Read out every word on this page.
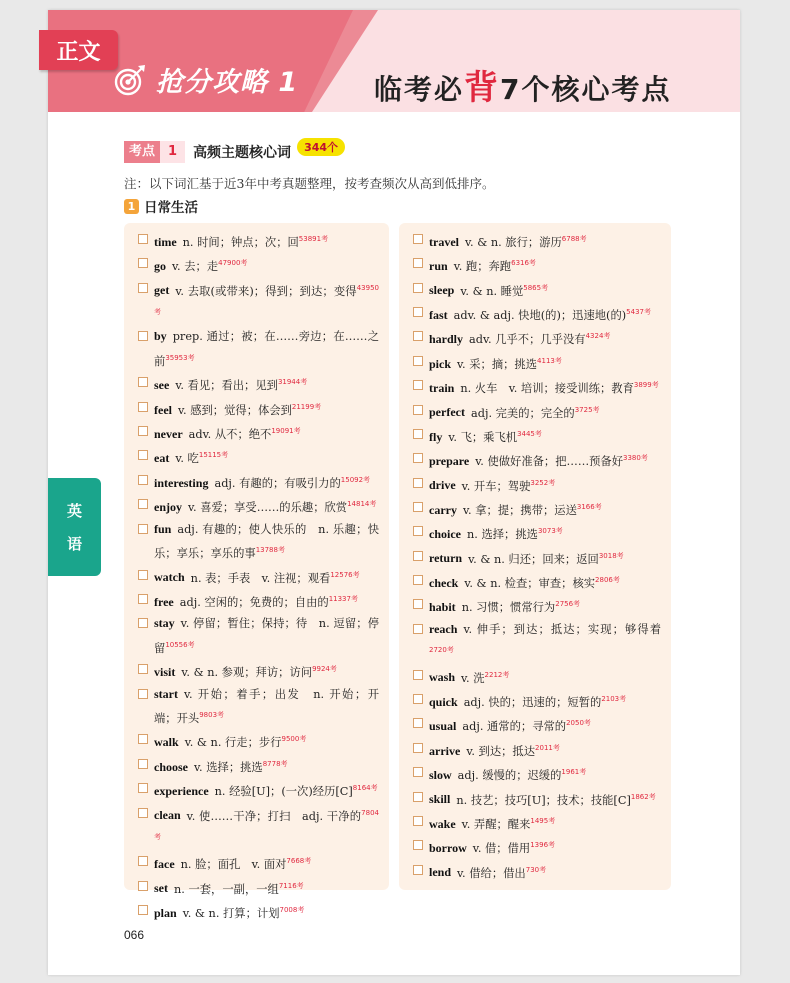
抢分攻略 1	临考必背7个核心考点
正文
英
语
考点	1	高频主题核心词	344个
注：以下词汇基于近3年中考真题整理，按考查频次从高到低排序。
1 日常生活
time n. 时间；钟点；次；回$^{53891考}$
go v. 去；走$^{47900考}$
get v. 去取(或带来)；得到；到达；变得$^{43950考}$
by prep. 通过；被；在……旁边；在……之前$^{35953考}$
see v. 看见；看出；见到$^{31944考}$
feel v. 感到；觉得；体会到$^{21199考}$
never adv. 从不；绝不$^{19091考}$
eat v. 吃$^{15115考}$
interesting adj. 有趣的；有吸引力的$^{15092考}$
enjoy v. 喜爱；享受……的乐趣；欣赏$^{14814考}$
fun adj. 有趣的；使人快乐的　n. 乐趣；快乐；享乐；享乐的事$^{13788考}$
watch n. 表；手表　v. 注视；观看$^{12576考}$
free adj. 空闲的；免费的；自由的$^{11337考}$
stay v. 停留；暂住；保持；待　n. 逗留；停留$^{10556考}$
visit v. & n. 参观；拜访；访问$^{9924考}$
start v. 开始；着手；出发　n. 开始；开端；开头$^{9803考}$
walk v. & n. 行走；步行$^{9500考}$
choose v. 选择；挑选$^{8778考}$
experience n. 经验[U]；(一次)经历$[C]^{8164考}$
clean v. 使……干净；打扫　adj. 干净的$^{7804考}$
face n. 脸；面孔　v. 面对$^{7668考}$
set n. 一套，一副，一组$^{7116考}$
plan v. & n. 打算；计划$^{7008考}$
travel v. & n. 旅行；游历$^{6788考}$
run v. 跑；奔跑$^{6316考}$
sleep v. & n. 睡觉$^{5865考}$
fast adv. & adj. 快地(的)；迅速地(的)$^{5437考}$
hardly adv. 几乎不；几乎没有$^{4324考}$
pick v. 采；摘；挑选$^{4113考}$
train n. 火车　v. 培训；接受训练；教育$^{3899考}$
perfect adj. 完美的；完全的$^{3725考}$
fly v. 飞；乘飞机$^{3445考}$
prepare v. 使做好准备；把……预备好$^{3380考}$
drive v. 开车；驾驶$^{3252考}$
carry v. 拿；提；携带；运送$^{3166考}$
choice n. 选择；挑选$^{3073考}$
return v. & n. 归还；回来；返回$^{3018考}$
check v. & n. 检查；审查；核实$^{2806考}$
habit n. 习惯；惯常行为$^{2756考}$
reach v. 伸手；到达；抵达；实现；够得着$^{2720考}$
wash v. 洗$^{2212考}$
quick adj. 快的；迅速的；短暂的$^{2103考}$
usual adj. 通常的；寻常的$^{2050考}$
arrive v. 到达；抵达$^{2011考}$
slow adj. 缓慢的；迟缓的$^{1961考}$
skill n. 技艺；技巧[U]；技术；技能$[C]^{1862考}$
wake v. 弄醒；醒来$^{1495考}$
borrow v. 借；借用$^{1396考}$
lend v. 借给；借出$^{730考}$
066
